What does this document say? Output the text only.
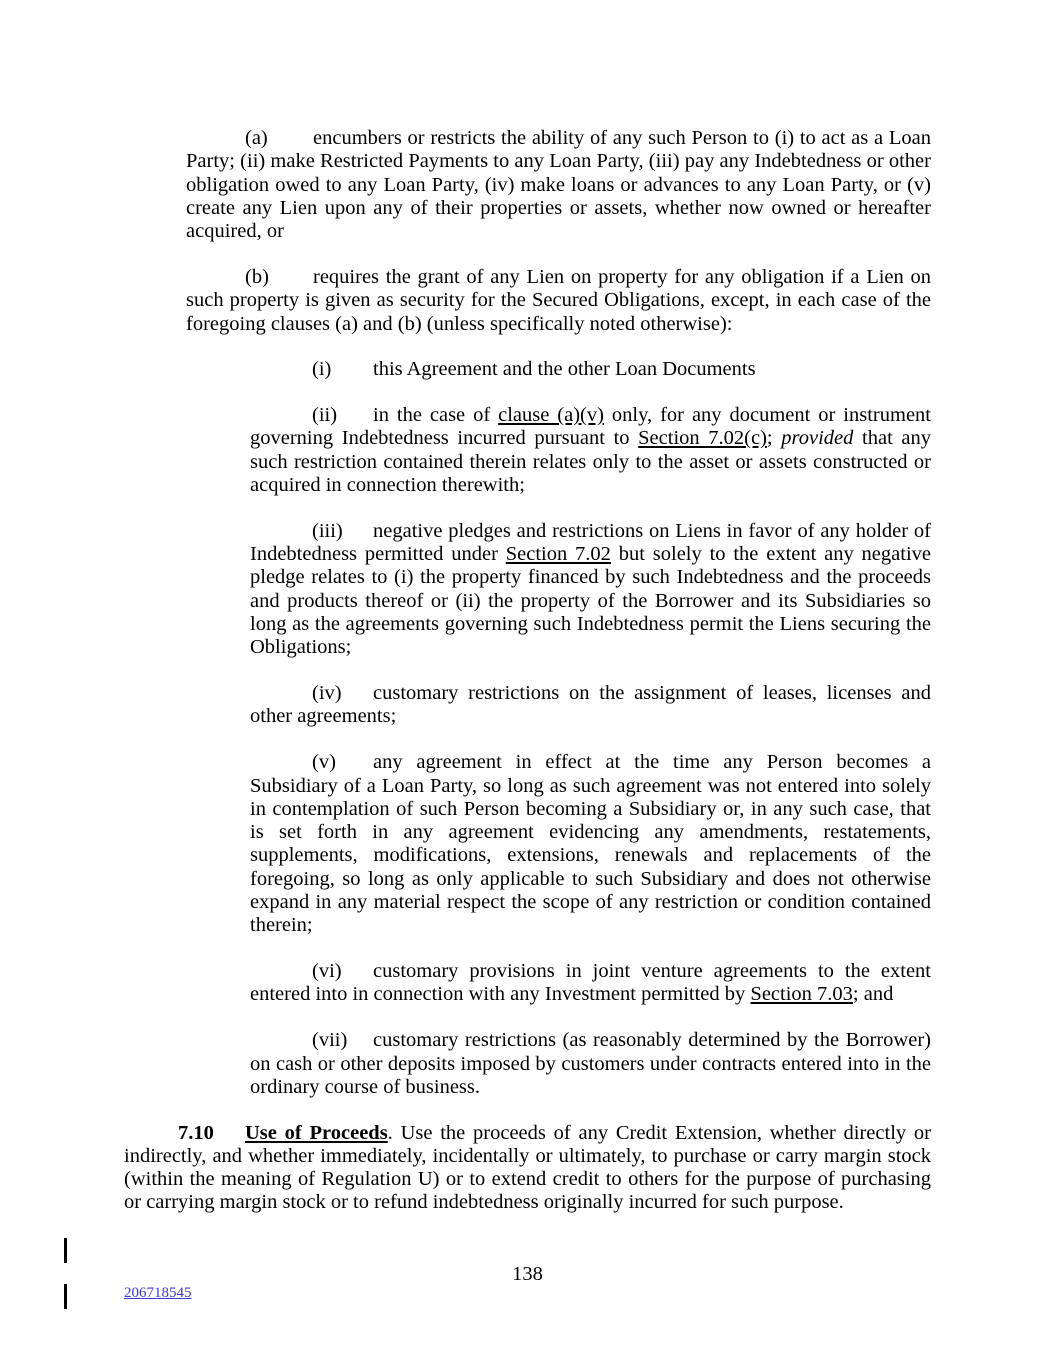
(a) encumbers or restricts the ability of any such Person to (i) to act as a Loan Party; (ii) make Restricted Payments to any Loan Party, (iii) pay any Indebtedness or other obligation owed to any Loan Party, (iv) make loans or advances to any Loan Party, or (v) create any Lien upon any of their properties or assets, whether now owned or hereafter acquired, or

(b) requires the grant of any Lien on property for any obligation if a Lien on such property is given as security for the Secured Obligations, except, in each case of the foregoing clauses (a) and (b) (unless specifically noted otherwise):

(i) this Agreement and the other Loan Documents

(ii) in the case of clause (a)(v) only, for any document or instrument governing Indebtedness incurred pursuant to Section 7.02(c); provided that any such restriction contained therein relates only to the asset or assets constructed or acquired in connection therewith;

(iii) negative pledges and restrictions on Liens in favor of any holder of Indebtedness permitted under Section 7.02 but solely to the extent any negative pledge relates to (i) the property financed by such Indebtedness and the proceeds and products thereof or (ii) the property of the Borrower and its Subsidiaries so long as the agreements governing such Indebtedness permit the Liens securing the Obligations;

(iv) customary restrictions on the assignment of leases, licenses and other agreements;

(v) any agreement in effect at the time any Person becomes a Subsidiary of a Loan Party, so long as such agreement was not entered into solely in contemplation of such Person becoming a Subsidiary or, in any such case, that is set forth in any agreement evidencing any amendments, restatements, supplements, modifications, extensions, renewals and replacements of the foregoing, so long as only applicable to such Subsidiary and does not otherwise expand in any material respect the scope of any restriction or condition contained therein;

(vi) customary provisions in joint venture agreements to the extent entered into in connection with any Investment permitted by Section 7.03; and

(vii) customary restrictions (as reasonably determined by the Borrower) on cash or other deposits imposed by customers under contracts entered into in the ordinary course of business.

7.10 Use of Proceeds. Use the proceeds of any Credit Extension, whether directly or indirectly, and whether immediately, incidentally or ultimately, to purchase or carry margin stock (within the meaning of Regulation U) or to extend credit to others for the purpose of purchasing or carrying margin stock or to refund indebtedness originally incurred for such purpose.

138
206718545
